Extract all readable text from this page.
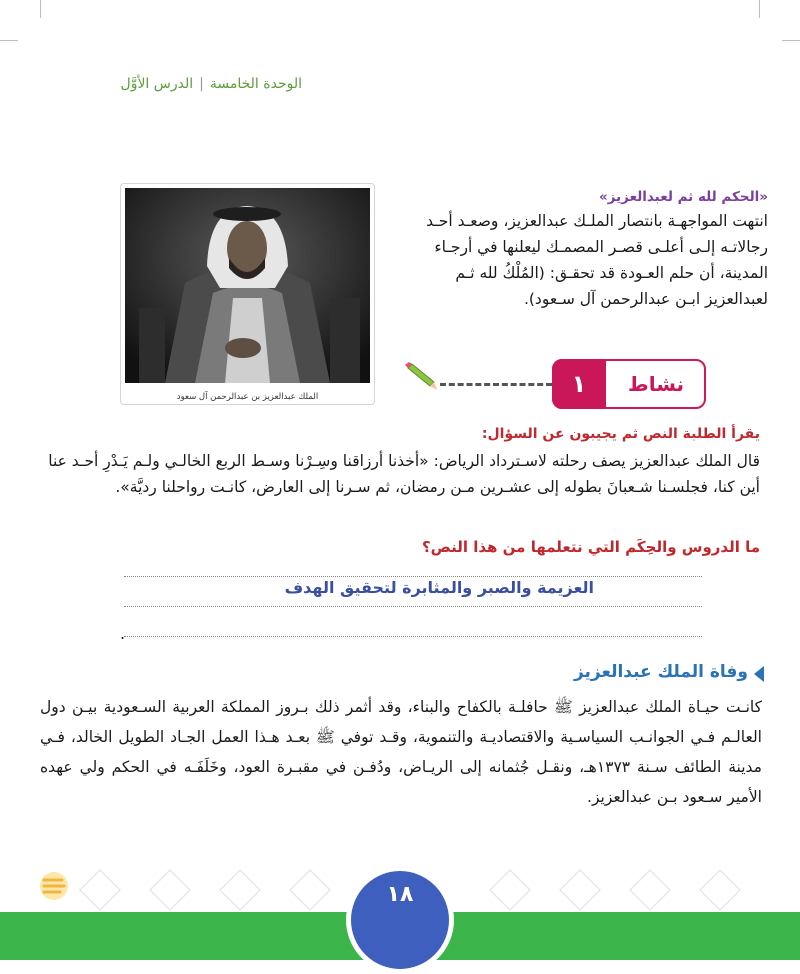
الوحدة الخامسة|الدرس الأوَّل
الملك عبدالعزيز بن عبدالرحمن آل سعود
«الحكم لله ثم لعبدالعزيز»
انتهت المواجهـة بانتصار الملـك عبدالعزيز، وصعـد أحـد رجالاتـه إلـى أعلـى قصـر المصمـك ليعلنها في أرجـاء المدينة، أن حلم العـودة قد تحقـق: (المُلْكُ لله ثـم لعبدالعزيز ابـن عبدالرحمن آل سـعود).
١	نشاط
يقرأ الطلبة النص ثم يجيبون عن السؤال:
قال الملك عبدالعزيز يصف رحلته لاسـترداد الرياض: «أخذنا أرزاقنا وسِـرْنا وسـط الربع الخالـي ولـم يَـدْرِ أحـد عنا أين كنا، فجلسـنا شـعبانَ بطوله إلى عشـرين مـن رمضان، ثم سـرنا إلى العارض، كانـت رواحلنا رديَّة».
ما الدروس والحِكَم التي نتعلمها من هذا النص؟
العزيمة والصبر والمثابرة لتحقيق الهدف
.
وفاة الملك عبدالعزيز
كانـت حيـاة الملك عبدالعزيز ﷺ حافلـة بالكفاح والبناء، وقد أثمر ذلك بـروز المملكة العربية السـعودية بيـن دول العالـم فـي الجوانـب السياسـية والاقتصاديـة والتنموية، وقـد توفي ﷺ بعـد هـذا العمل الجـاد الطويل الخالد، فـي مدينة الطائف سـنة ١٣٧٣هـ، ونقـل جُثمانه إلى الريـاض، ودُفـن في مقبـرة العود، وخَلَفَـه في الحكم ولي عهده الأمير سـعود بـن عبدالعزيز.
١٨
